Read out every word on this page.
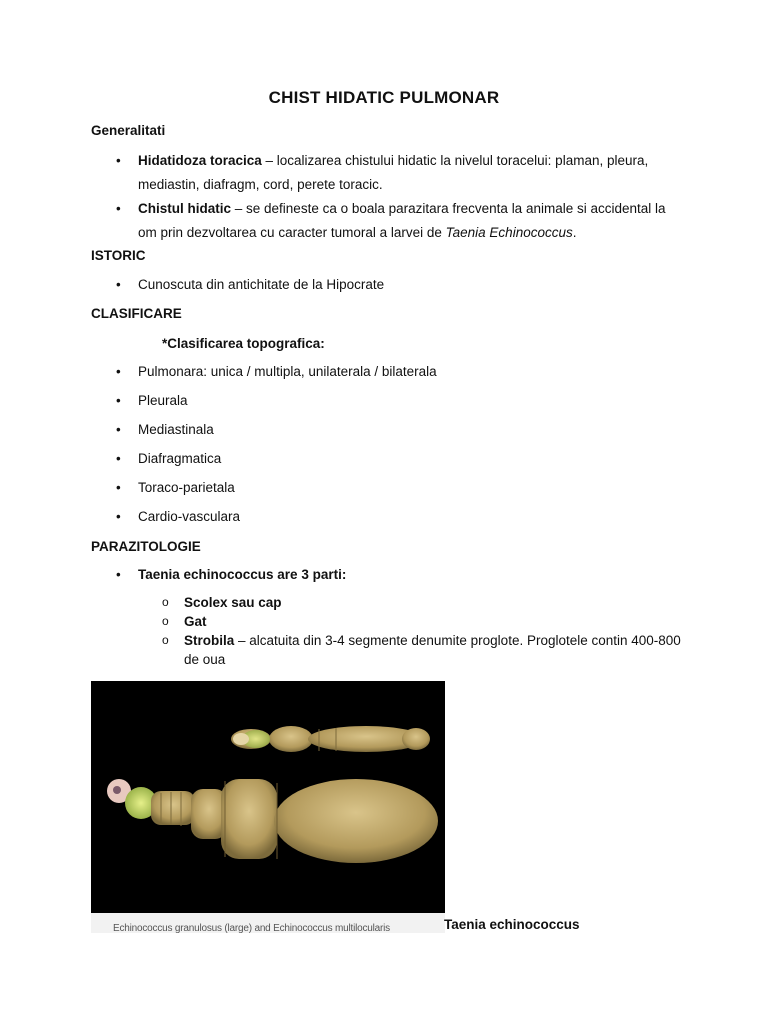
CHIST HIDATIC PULMONAR
Generalitati
• Hidatidoza toracica – localizarea chistului hidatic la nivelul toracelui: plaman, pleura, mediastin, diafragm, cord, perete toracic.
• Chistul hidatic – se defineste ca o boala parazitara frecventa la animale si accidental la om prin dezvoltarea cu caracter tumoral a larvei de Taenia Echinococcus.
ISTORIC
• Cunoscuta din antichitate de la Hipocrate
CLASIFICARE
*Clasificarea topografica:
• Pulmonara: unica / multipla, unilaterala / bilaterala
• Pleurala
• Mediastinala
• Diafragmatica
• Toraco-parietala
• Cardio-vasculara
PARAZITOLOGIE
• Taenia echinococcus are 3 parti:
o Scolex sau cap
o Gat
o Strobila – alcatuita din 3-4 segmente denumite proglote. Proglotele contin 400-800 de oua
Echinococcus granulosus (large) and Echinococcus multilocularis	Taenia echinococcus
